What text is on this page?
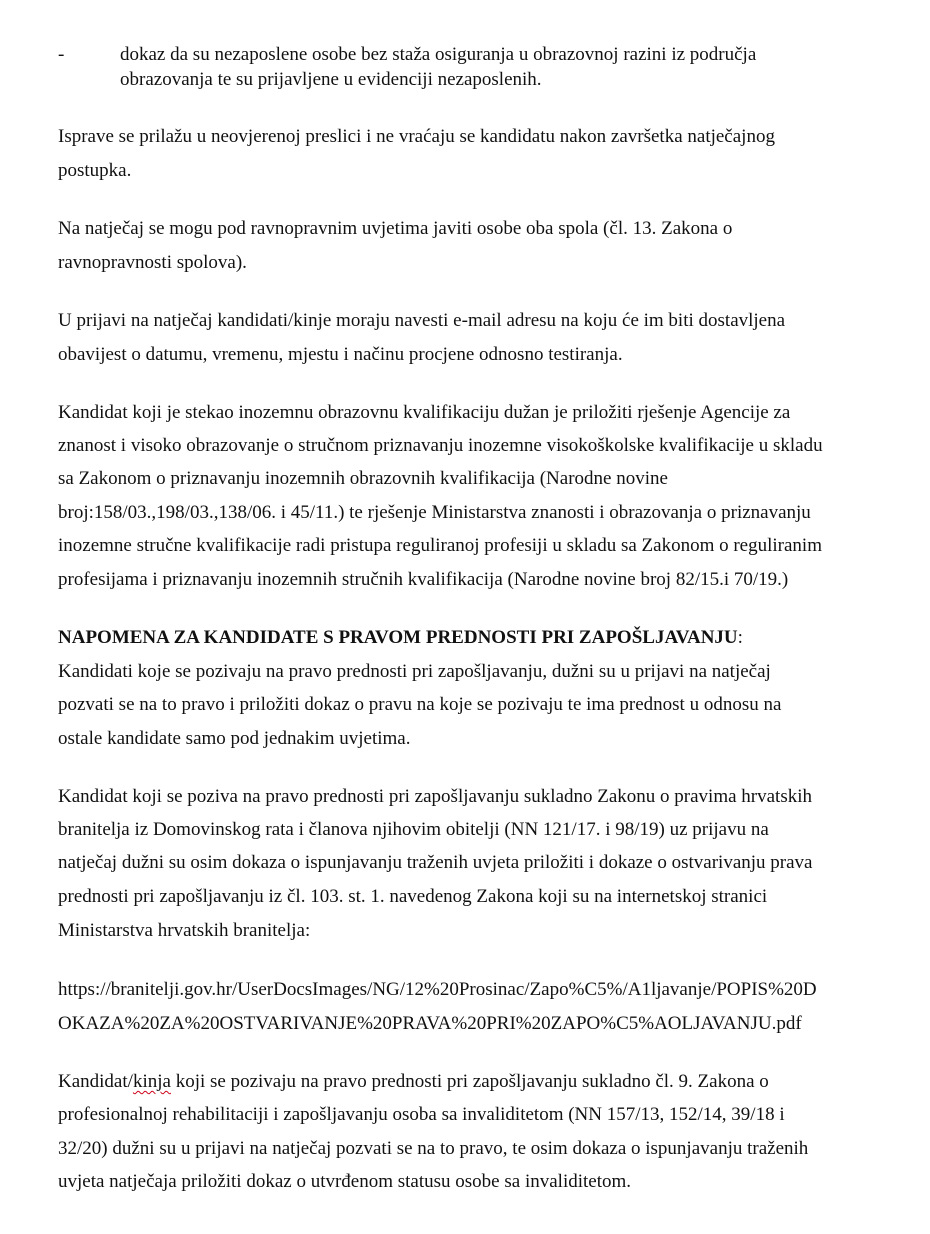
-	dokaz da su nezaposlene osobe bez staža osiguranja u obrazovnoj razini iz područja
obrazovanja te su prijavljene u evidenciji nezaposlenih.
Isprave se prilažu u neovjerenoj preslici i ne vraćaju se kandidatu nakon završetka natječajnog
postupka.
Na natječaj se mogu pod ravnopravnim uvjetima javiti osobe oba spola (čl. 13. Zakona o
ravnopravnosti spolova).
U prijavi na natječaj kandidati/kinje moraju navesti e-mail adresu na koju će im biti dostavljena
obavijest o datumu, vremenu, mjestu i načinu procjene odnosno testiranja.
Kandidat koji je stekao inozemnu obrazovnu kvalifikaciju dužan je priložiti rješenje Agencije za
znanost i visoko obrazovanje o stručnom priznavanju inozemne visokoškolske kvalifikacije u skladu
sa Zakonom o priznavanju inozemnih obrazovnih kvalifikacija (Narodne novine
broj:158/03.,198/03.,138/06. i 45/11.) te rješenje Ministarstva znanosti i obrazovanja o priznavanju
inozemne stručne kvalifikacije radi pristupa reguliranoj profesiji u skladu sa Zakonom o reguliranim
profesijama i priznavanju inozemnih stručnih kvalifikacija (Narodne novine broj 82/15.i 70/19.)
NAPOMENA ZA KANDIDATE S PRAVOM PREDNOSTI PRI ZAPOŠLJAVANJU:
Kandidati koje se pozivaju na pravo prednosti pri zapošljavanju, dužni su u prijavi na natječaj
pozvati se na to pravo i priložiti dokaz o pravu na koje se pozivaju te ima prednost u odnosu na
ostale kandidate samo pod jednakim uvjetima.
Kandidat koji se poziva na pravo prednosti pri zapošljavanju sukladno Zakonu o pravima hrvatskih
branitelja iz Domovinskog rata i članova njihovim obitelji (NN 121/17. i 98/19) uz prijavu na
natječaj dužni su osim dokaza o ispunjavanju traženih uvjeta priložiti i dokaze o ostvarivanju prava
prednosti pri zapošljavanju iz čl. 103. st. 1. navedenog Zakona koji su na internetskoj stranici
Ministarstva hrvatskih branitelja:
https://branitelji.gov.hr/UserDocsImages/NG/12%20Prosinac/Zapo%C5%/A1ljavanje/POPIS%20D
OKAZA%20ZA%20OSTVARIVANJE%20PRAVA%20PRI%20ZAPO%C5%AOLJAVANJU.pdf
Kandidat/kinja koji se pozivaju na pravo prednosti pri zapošljavanju sukladno čl. 9. Zakona o
profesionalnoj rehabilitaciji i zapošljavanju osoba sa invaliditetom (NN 157/13, 152/14, 39/18 i
32/20) dužni su u prijavi na natječaj pozvati se na to pravo, te osim dokaza o ispunjavanju traženih
uvjeta natječaja priložiti dokaz o utvrđenom statusu osobe sa invaliditetom.
